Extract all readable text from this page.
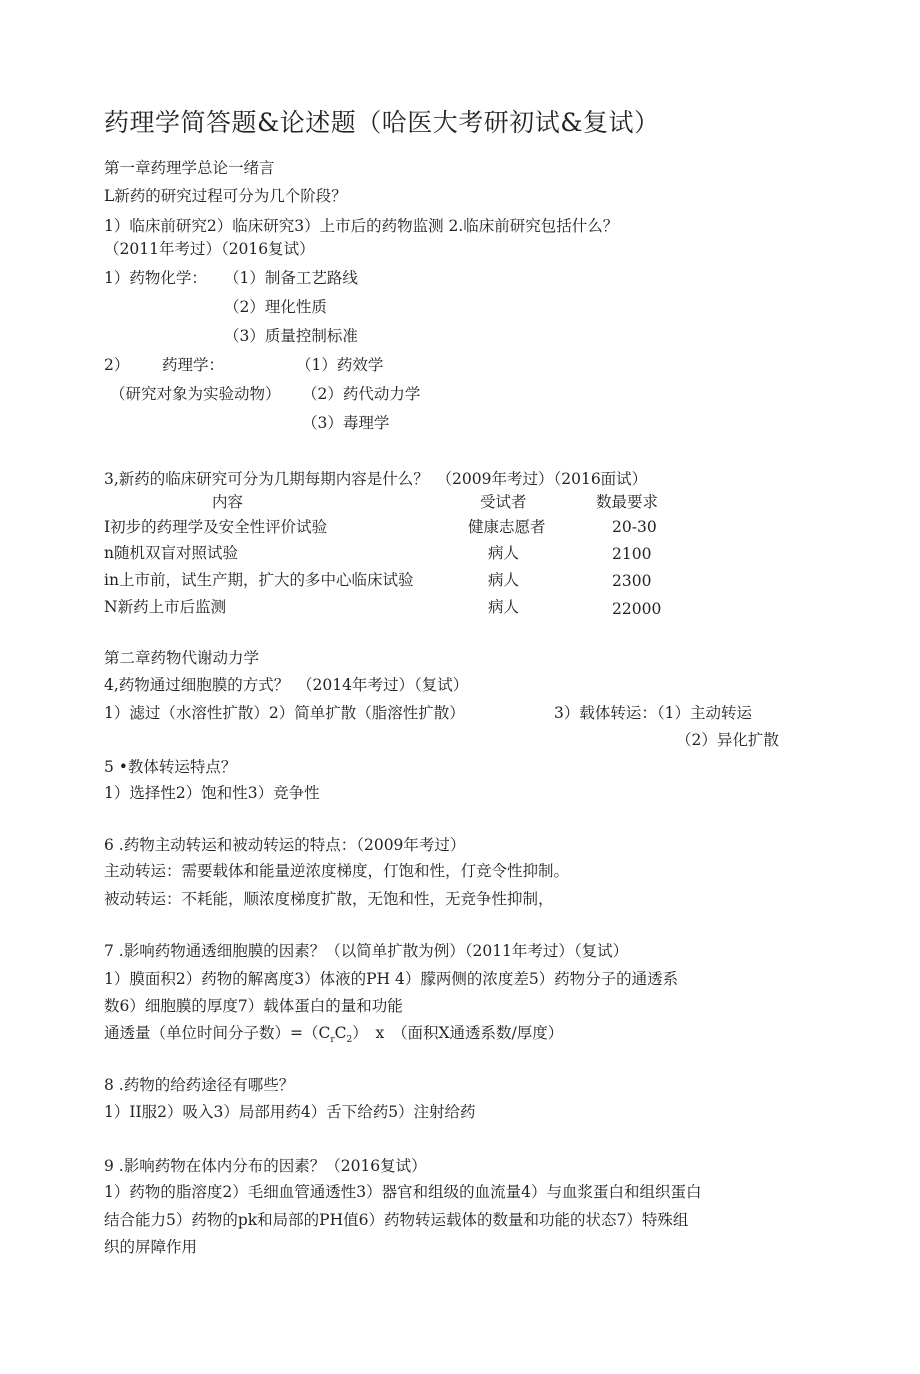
药理学简答题&论述题（哈医大考研初试&复试）
第一章药理学总论一绪言
L新药的研究过程可分为几个阶段？
1）临床前研究2）临床研究3）上市后的药物监测 2.临床前研究包括什么？
（2011年考过）（2016复试）
1）药物化学： （1）制备工艺路线
（2）理化性质
（3）质量控制标准
2） 药理学：	（1）药效学
（研究对象为实验动物） （2）药代动力学
（3）毒理学
3,新药的临床研究可分为几期每期内容是什么？　（2009年考过）（2016面试）
内容	受试者	数最要求
I初步的药理学及安全性评价试验	健康志愿者	20-30
n随机双盲对照试验	病人	2100
in上市前，试生产期，扩大的多中心临床试验	病人	2300
N新药上市后监测	病人	22000
第二章药物代谢动力学
4,药物通过细胞膜的方式？　（2014年考过）（复试）
1）滤过（水溶性扩散）2）简单扩散（脂溶性扩散）	3）载体转运：（1）主动转运
（2）异化扩散
5 •教体转运特点？
1）选择性2）饱和性3）竞争性
6 .药物主动转运和被动转运的特点：（2009年考过）
主动转运：需要载体和能量逆浓度梯度，仃饱和性，仃竞令性抑制。
被动转运：不耗能，顺浓度梯度扩散，无饱和性，无竞争性抑制，
7 .影响药物通透细胞膜的因素？（以简单扩散为例）（2011年考过）（复试）
1）膜面积2）药物的解离度3）体液的PH 4）朦两侧的浓度差5）药物分子的通透系
数6）细胞膜的厚度7）载体蛋白的量和功能
通透量（单位时间分子数）$=(C_rC_2)$　x　（面积X通透系数/厚度）
8 .药物的给药途径有哪些？
1）II服2）吸入3）局部用药4）舌下给药5）注射给药
9 .影响药物在体内分布的因素？（2016复试）
1）药物的脂溶度2）毛细血管通透性3）器官和组级的血流量4）与血浆蛋白和组织蛋白
结合能力5）药物的pk和局部的PH值6）药物转运载体的数量和功能的状态7）特殊组
织的屏障作用
